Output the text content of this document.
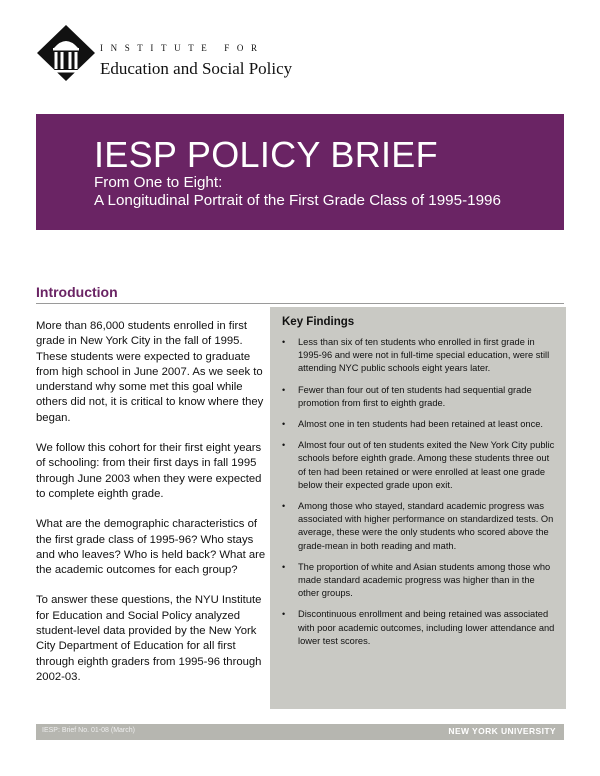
INSTITUTE FOR
Education and Social Policy
IESP POLICY BRIEF
From One to Eight:
A Longitudinal Portrait of the First Grade Class of 1995-1996
Introduction

More than 86,000 students enrolled in first grade in New York City in the fall of 1995. These students were expected to graduate from high school in June 2007. As we seek to understand why some met this goal while others did not, it is critical to know where they began.

We follow this cohort for their first eight years of schooling: from their first days in fall 1995 through June 2003 when they were expected to complete eighth grade.

What are the demographic characteristics of the first grade class of 1995-96? Who stays and who leaves? Who is held back? What are the academic outcomes for each group?

To answer these questions, the NYU Institute for Education and Social Policy analyzed student-level data provided by the New York City Department of Education for all first through eighth graders from 1995-96 through 2002-03.

Key Findings
• Less than six of ten students who enrolled in first grade in 1995-96 and were not in full-time special education, were still attending NYC public schools eight years later.
• Fewer than four out of ten students had sequential grade promotion from first to eighth grade.
• Almost one in ten students had been retained at least once.
• Almost four out of ten students exited the New York City public schools before eighth grade. Among these students three out of ten had been retained or were enrolled at least one grade below their expected grade upon exit.
• Among those who stayed, standard academic progress was associated with higher performance on standardized tests. On average, these were the only students who scored above the grade-mean in both reading and math.
• The proportion of white and Asian students among those who made standard academic progress was higher than in the other groups.
• Discontinuous enrollment and being retained was associated with poor academic outcomes, including lower attendance and lower test scores.
IESP: Brief No. 01-08 (March)	NEW YORK UNIVERSITY
